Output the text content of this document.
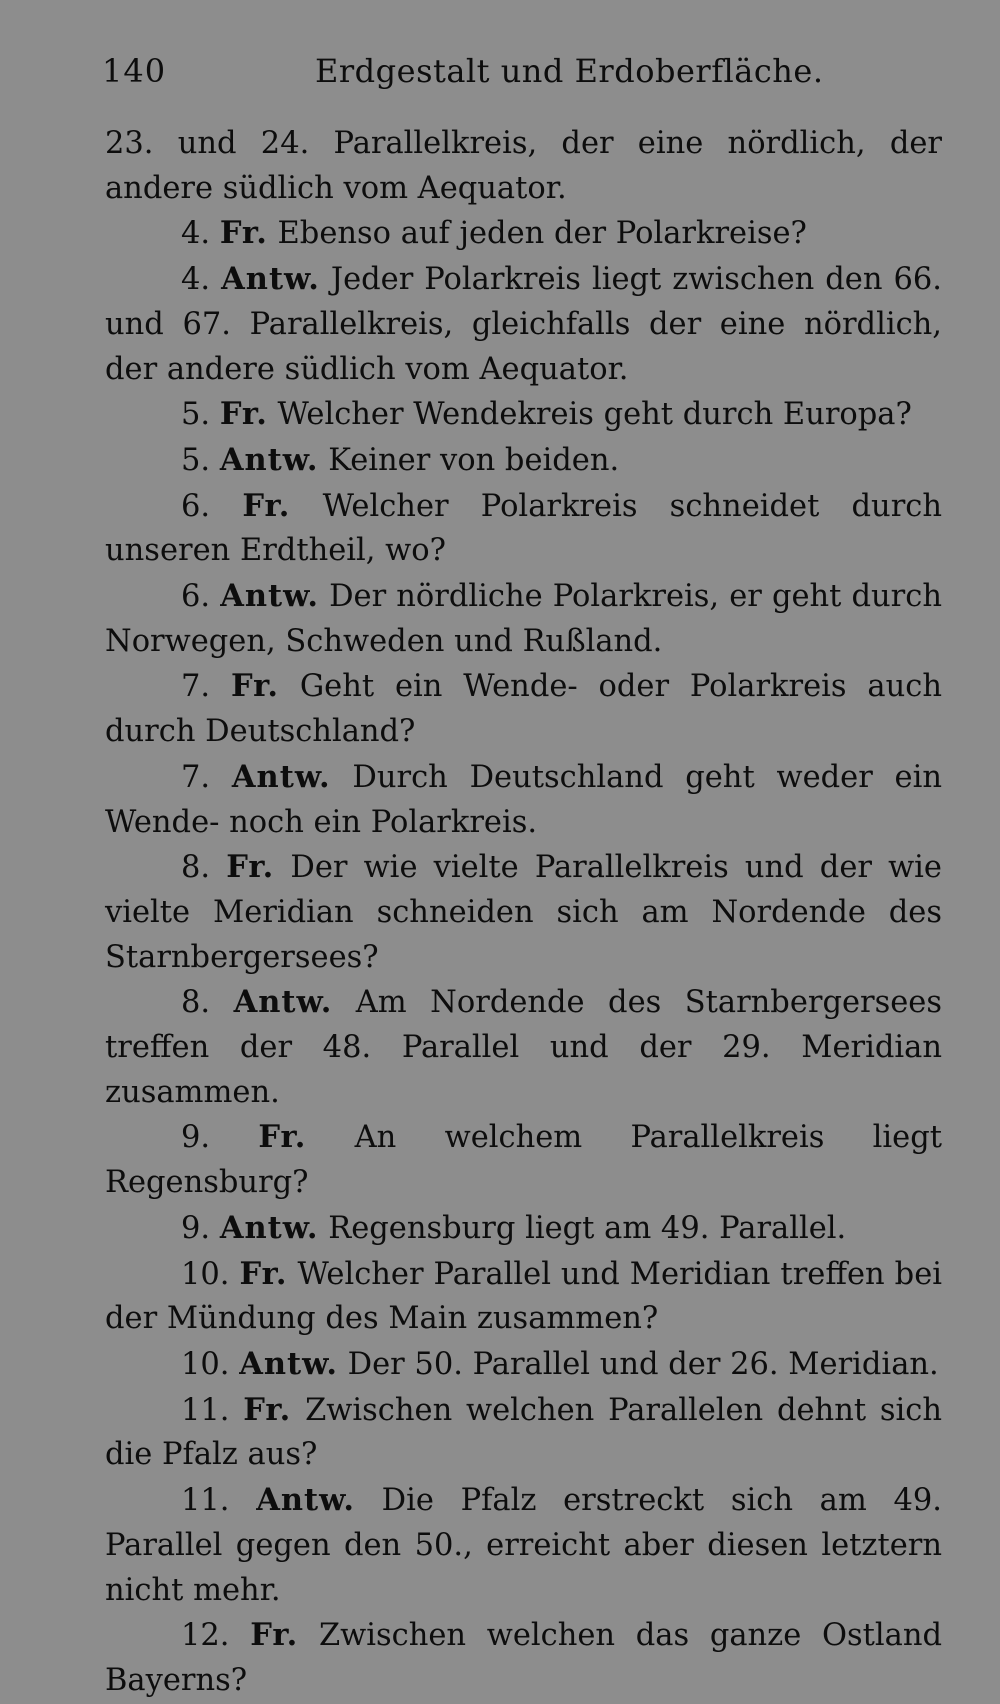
140	Erdgestalt und Erdoberfläche.

23. und 24. Parallelkreis, der eine nördlich, der andere südlich vom Aequator.

4. Fr. Ebenso auf jeden der Polarkreise?

4. Antw. Jeder Polarkreis liegt zwischen den 66. und 67. Parallelkreis, gleichfalls der eine nördlich, der andere südlich vom Aequator.

5. Fr. Welcher Wendekreis geht durch Europa?

5. Antw. Keiner von beiden.

6. Fr. Welcher Polarkreis schneidet durch unseren Erdtheil, wo?

6. Antw. Der nördliche Polarkreis, er geht durch Norwegen, Schweden und Rußland.

7. Fr. Geht ein Wende- oder Polarkreis auch durch Deutschland?

7. Antw. Durch Deutschland geht weder ein Wende- noch ein Polarkreis.

8. Fr. Der wie vielte Parallelkreis und der wie vielte Meridian schneiden sich am Nordende des Starnbergersees?

8. Antw. Am Nordende des Starnbergersees treffen der 48. Parallel und der 29. Meridian zusammen.

9. Fr. An welchem Parallelkreis liegt Regensburg?

9. Antw. Regensburg liegt am 49. Parallel.

10. Fr. Welcher Parallel und Meridian treffen bei der Mündung des Main zusammen?

10. Antw. Der 50. Parallel und der 26. Meridian.

11. Fr. Zwischen welchen Parallelen dehnt sich die Pfalz aus?

11. Antw. Die Pfalz erstreckt sich am 49. Parallel gegen den 50., erreicht aber diesen letztern nicht mehr.

12. Fr. Zwischen welchen das ganze Ostland Bayerns?
